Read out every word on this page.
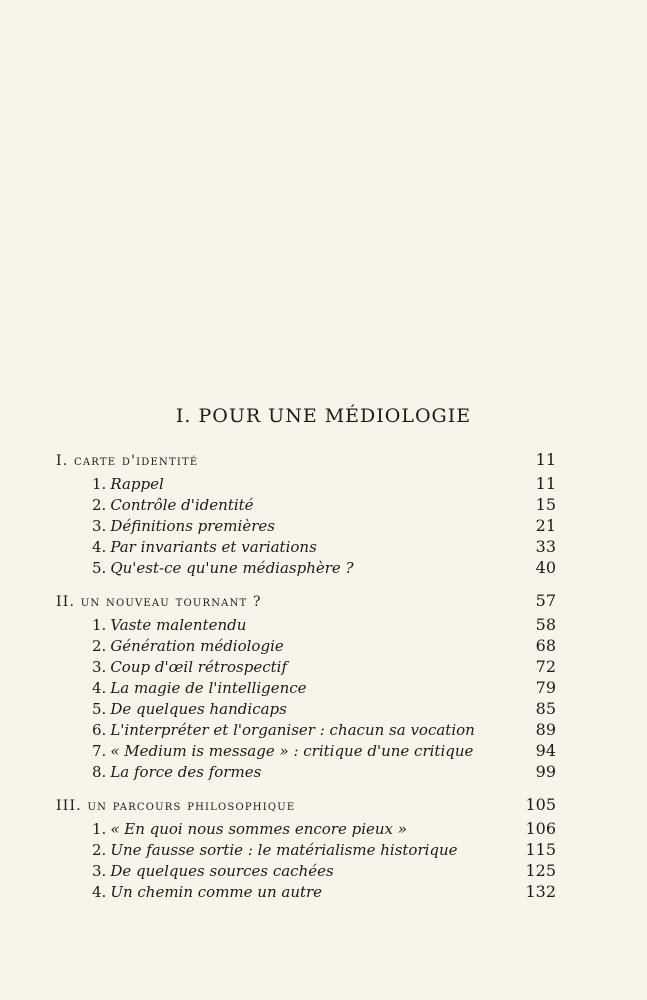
I. POUR UNE MÉDIOLOGIE
I. carte d'identité	11
1. Rappel	11
2. Contrôle d'identité	15
3. Définitions premières	21
4. Par invariants et variations	33
5. Qu'est-ce qu'une médiasphère ?	40
II. un nouveau tournant ?	57
1. Vaste malentendu	58
2. Génération médiologie	68
3. Coup d'œil rétrospectif	72
4. La magie de l'intelligence	79
5. De quelques handicaps	85
6. L'interpréter et l'organiser : chacun sa vocation	89
7. « Medium is message » : critique d'une critique	94
8. La force des formes	99
III. un parcours philosophique	105
1. « En quoi nous sommes encore pieux »	106
2. Une fausse sortie : le matérialisme historique	115
3. De quelques sources cachées	125
4. Un chemin comme un autre	132
